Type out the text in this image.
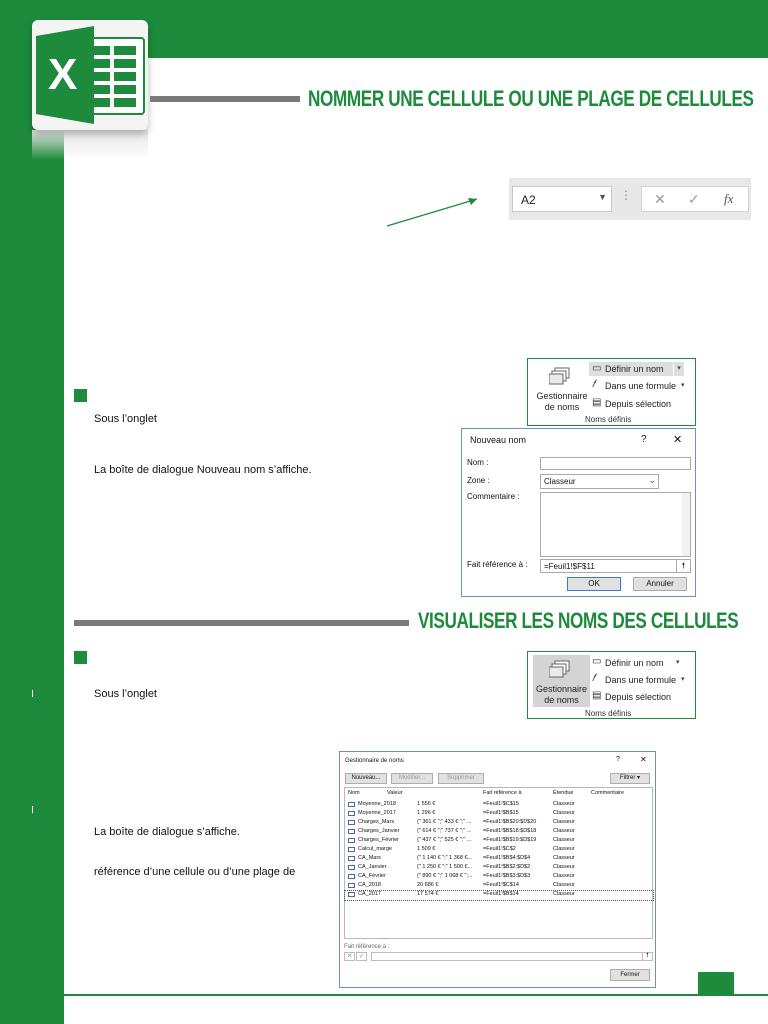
X	NOMMER UNE CELLULE OU UNE PLAGE DE CELLULES
A2	▼ ⋮ ✕ ✓ fx
Sous l’onglet
La boîte de dialogue Nouveau nom s’affiche.
Gestionnaire de noms
▭ Définir un nom	▾
𝑓 Dans une formule ▾
▤ Depuis sélection
Noms définis
Nouveau nom	? ✕
Nom :
Zone :	Classeur	⌄
Commentaire :
Fait référence à : =Feuil1!$F$11	🠕
OK	Annuler
VISUALISER LES NOMS DES CELLULES
Sous l’onglet
La boîte de dialogue s’affiche.
référence d’une cellule ou d’une plage de
Gestionnaire de noms
▭ Définir un nom ▾
𝑓 Dans une formule ▾
▤ Depuis sélection
Noms définis
Gestionnaire de noms	?	✕
Nouveau...	Modifier...	Supprimer	Filtrer ▾
Nom	Valeur	Fait référence à	Étendue	Commentaire
Moyenne_2018	1 556 €	=Feuil1!$C$15	Classeur
Moyenne_2017	1 296 €	=Feuil1!$B$15	Classeur
Charges_Mars	{" 361 € ";" 433 € ";" ... =Feuil1!$B$20:$D$20	Classeur
Charges_Janvier	{" 614 € ";" 737 € ";" ... =Feuil1!$B$18:$D$18	Classeur
Charges_Février	{" 437 € ";" 525 € ";" ... =Feuil1!$B$19:$D$19	Classeur
Calcul_marge	1 509 €	=Feuil1!$C$2	Classeur
CA_Mars	{" 1 140 € ";" 1 368 €... =Feuil1!$B$4:$D$4	Classeur
CA_Janvier	{" 1 250 € ";" 1 500 €... =Feuil1!$B$2:$D$2	Classeur
CA_Février	{" 890 € ";" 1 068 € ";... =Feuil1!$B$3:$D$3	Classeur
CA_2018	20 686 €	=Feuil1!$C$14	Classeur
CA_2017	17 574 €	=Feuil1!$B$14	Classeur
Fait référence à :
✕ ✓	🠕
Fermer
